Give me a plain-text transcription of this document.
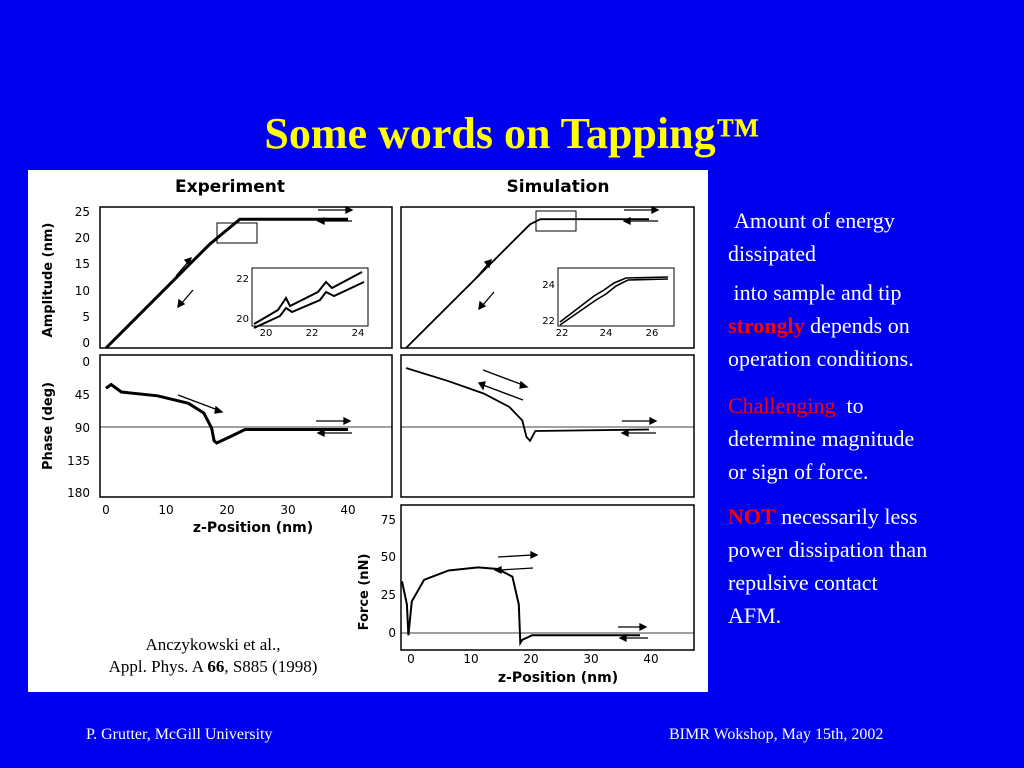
Some words on Tapping™
Experiment	Simulation
Amplitude (nm)
Phase (deg)
Force (nN)
25
20
15
10
5
0
0
45
90
135
180
0	10	20	30	40
z-Position (nm)	75
50
25
0
0	10	20	30	40
z-Position (nm)
20	22	24
22
20
22	24	26
24
22
Anczykowski et al.,
Appl. Phys. A 66, S885 (1998)

Amount of energy

dissipated

into sample and tip

strongly depends on

operation conditions.

Challenging  to

determine magnitude

or sign of force.

NOT necessarily less

power dissipation than

repulsive contact

AFM.

P. Grutter, McGill University	BIMR Wokshop, May 15th, 2002
